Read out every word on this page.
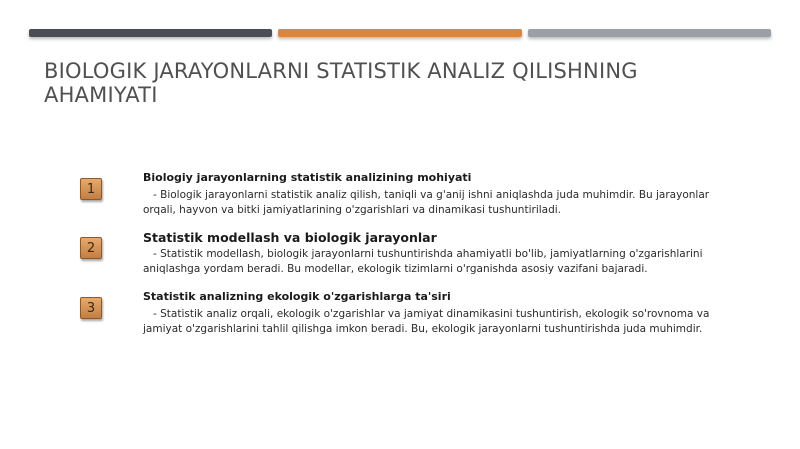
BIOLOGIK JARAYONLARNI STATISTIK ANALIZ QILISHNING AHAMIYATI
1
Biologiy jarayonlarning statistik analizining mohiyati
- Biologik jarayonlarni statistik analiz qilish, taniqli va g'anij ishni aniqlashda juda muhimdir. Bu jarayonlar orqali, hayvon va bitki jamiyatlarining o'zgarishlari va dinamikasi tushuntiriladi.
2
Statistik modellash va biologik jarayonlar
- Statistik modellash, biologik jarayonlarni tushuntirishda ahamiyatli bo'lib, jamiyatlarning o'zgarishlarini aniqlashga yordam beradi. Bu modellar, ekologik tizimlarni o'rganishda asosiy vazifani bajaradi.
3
Statistik analizning ekologik o'zgarishlarga ta'siri
- Statistik analiz orqali, ekologik o'zgarishlar va jamiyat dinamikasini tushuntirish, ekologik so'rovnoma va jamiyat o'zgarishlarini tahlil qilishga imkon beradi. Bu, ekologik jarayonlarni tushuntirishda juda muhimdir.
